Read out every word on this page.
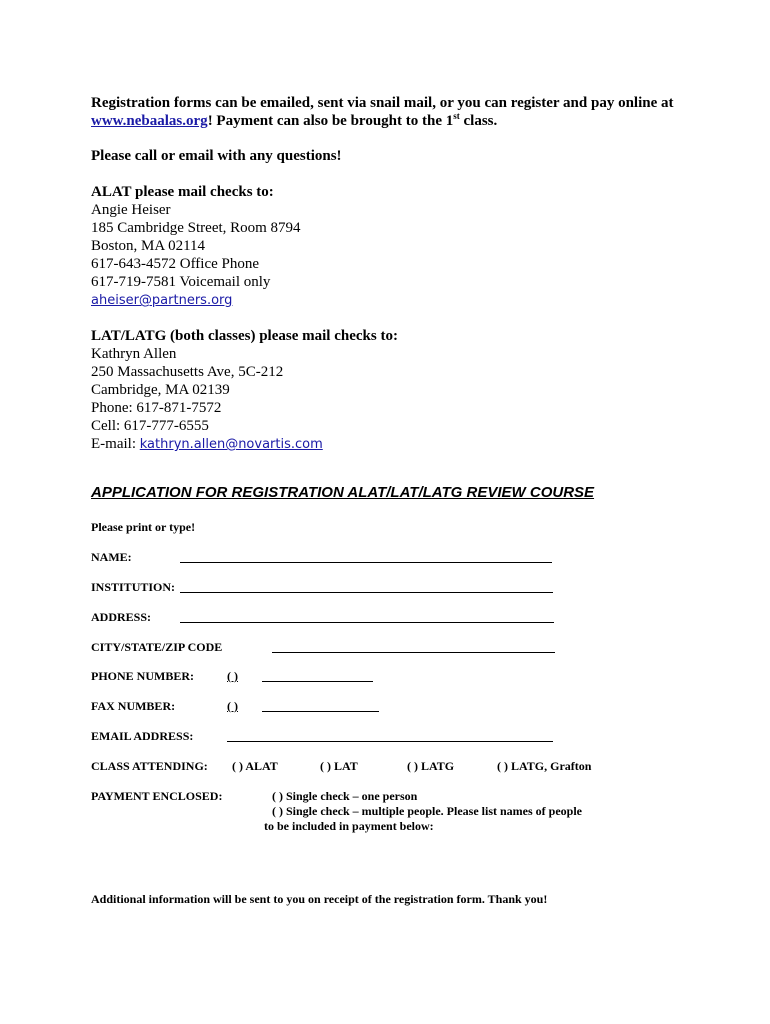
Registration forms can be emailed, sent via snail mail, or you can register and pay online at
www.nebaalas.org! Payment can also be brought to the 1st class.
Please call or email with any questions!
ALAT please mail checks to:
Angie Heiser
185 Cambridge Street, Room 8794
Boston, MA 02114
617-643-4572 Office Phone
617-719-7581 Voicemail only
aheiser@partners.org
LAT/LATG (both classes) please mail checks to:
Kathryn Allen
250 Massachusetts Ave, 5C-212
Cambridge, MA 02139
Phone: 617-871-7572
Cell: 617-777-6555
E-mail: kathryn.allen@novartis.com
APPLICATION FOR REGISTRATION ALAT/LAT/LATG REVIEW COURSE
Please print or type!
NAME:
INSTITUTION:
ADDRESS:
CITY/STATE/ZIP CODE
PHONE NUMBER:	( )
FAX NUMBER:	( )
EMAIL ADDRESS:
CLASS ATTENDING: ( ) ALAT	( ) LAT	( ) LATG	( ) LATG, Grafton
PAYMENT ENCLOSED:	( ) Single check – one person
( ) Single check – multiple people. Please list names of people
to be included in payment below:
Additional information will be sent to you on receipt of the registration form. Thank you!
